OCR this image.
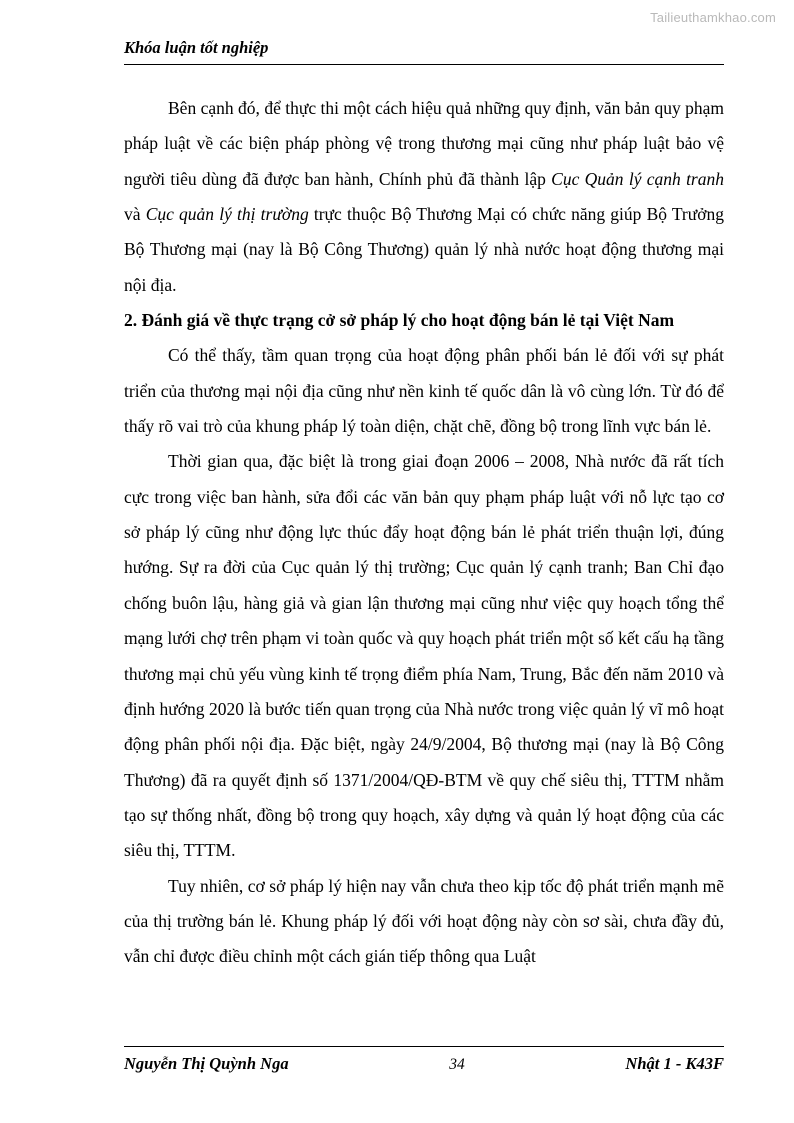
Tailieuthamkhao.com
Khóa luận tốt nghiệp

Bên cạnh đó, để thực thi một cách hiệu quả những quy định, văn bản quy phạm pháp luật về các biện pháp phòng vệ trong thương mại cũng như pháp luật bảo vệ người tiêu dùng đã được ban hành, Chính phủ đã thành lập Cục Quản lý cạnh tranh và Cục quản lý thị trường trực thuộc Bộ Thương Mại có chức năng giúp Bộ Trưởng Bộ Thương mại (nay là Bộ Công Thương) quản lý nhà nước hoạt động thương mại nội địa.

2. Đánh giá về thực trạng cở sở pháp lý cho hoạt động bán lẻ tại Việt Nam

Có thể thấy, tầm quan trọng của hoạt động phân phối bán lẻ đối với sự phát triển của thương mại nội địa cũng như nền kinh tế quốc dân là vô cùng lớn. Từ đó để thấy rõ vai trò của khung pháp lý toàn diện, chặt chẽ, đồng bộ trong lĩnh vực bán lẻ.

Thời gian qua, đặc biệt là trong giai đoạn 2006 – 2008, Nhà nước đã rất tích cực trong việc ban hành, sửa đổi các văn bản quy phạm pháp luật với nỗ lực tạo cơ sở pháp lý cũng như động lực thúc đẩy hoạt động bán lẻ phát triển thuận lợi, đúng hướng. Sự ra đời của Cục quản lý thị trường; Cục quản lý cạnh tranh; Ban Chỉ đạo chống buôn lậu, hàng giả và gian lận thương mại cũng như việc quy hoạch tổng thể mạng lưới chợ trên phạm vi toàn quốc và quy hoạch phát triển một số kết cấu hạ tầng thương mại chủ yếu vùng kinh tế trọng điểm phía Nam, Trung, Bắc đến năm 2010 và định hướng 2020 là bước tiến quan trọng của Nhà nước trong việc quản lý vĩ mô hoạt động phân phối nội địa. Đặc biệt, ngày 24/9/2004, Bộ thương mại (nay là Bộ Công Thương) đã ra quyết định số 1371/2004/QĐ-BTM về quy chế siêu thị, TTTM nhằm tạo sự thống nhất, đồng bộ trong quy hoạch, xây dựng và quản lý hoạt động của các siêu thị, TTTM.

Tuy nhiên, cơ sở pháp lý hiện nay vẫn chưa theo kịp tốc độ phát triển mạnh mẽ của thị trường bán lẻ. Khung pháp lý đối với hoạt động này còn sơ sài, chưa đầy đủ, vẫn chỉ được điều chỉnh một cách gián tiếp thông qua Luật

Nguyễn Thị Quỳnh Nga	34	Nhật 1 - K43F
